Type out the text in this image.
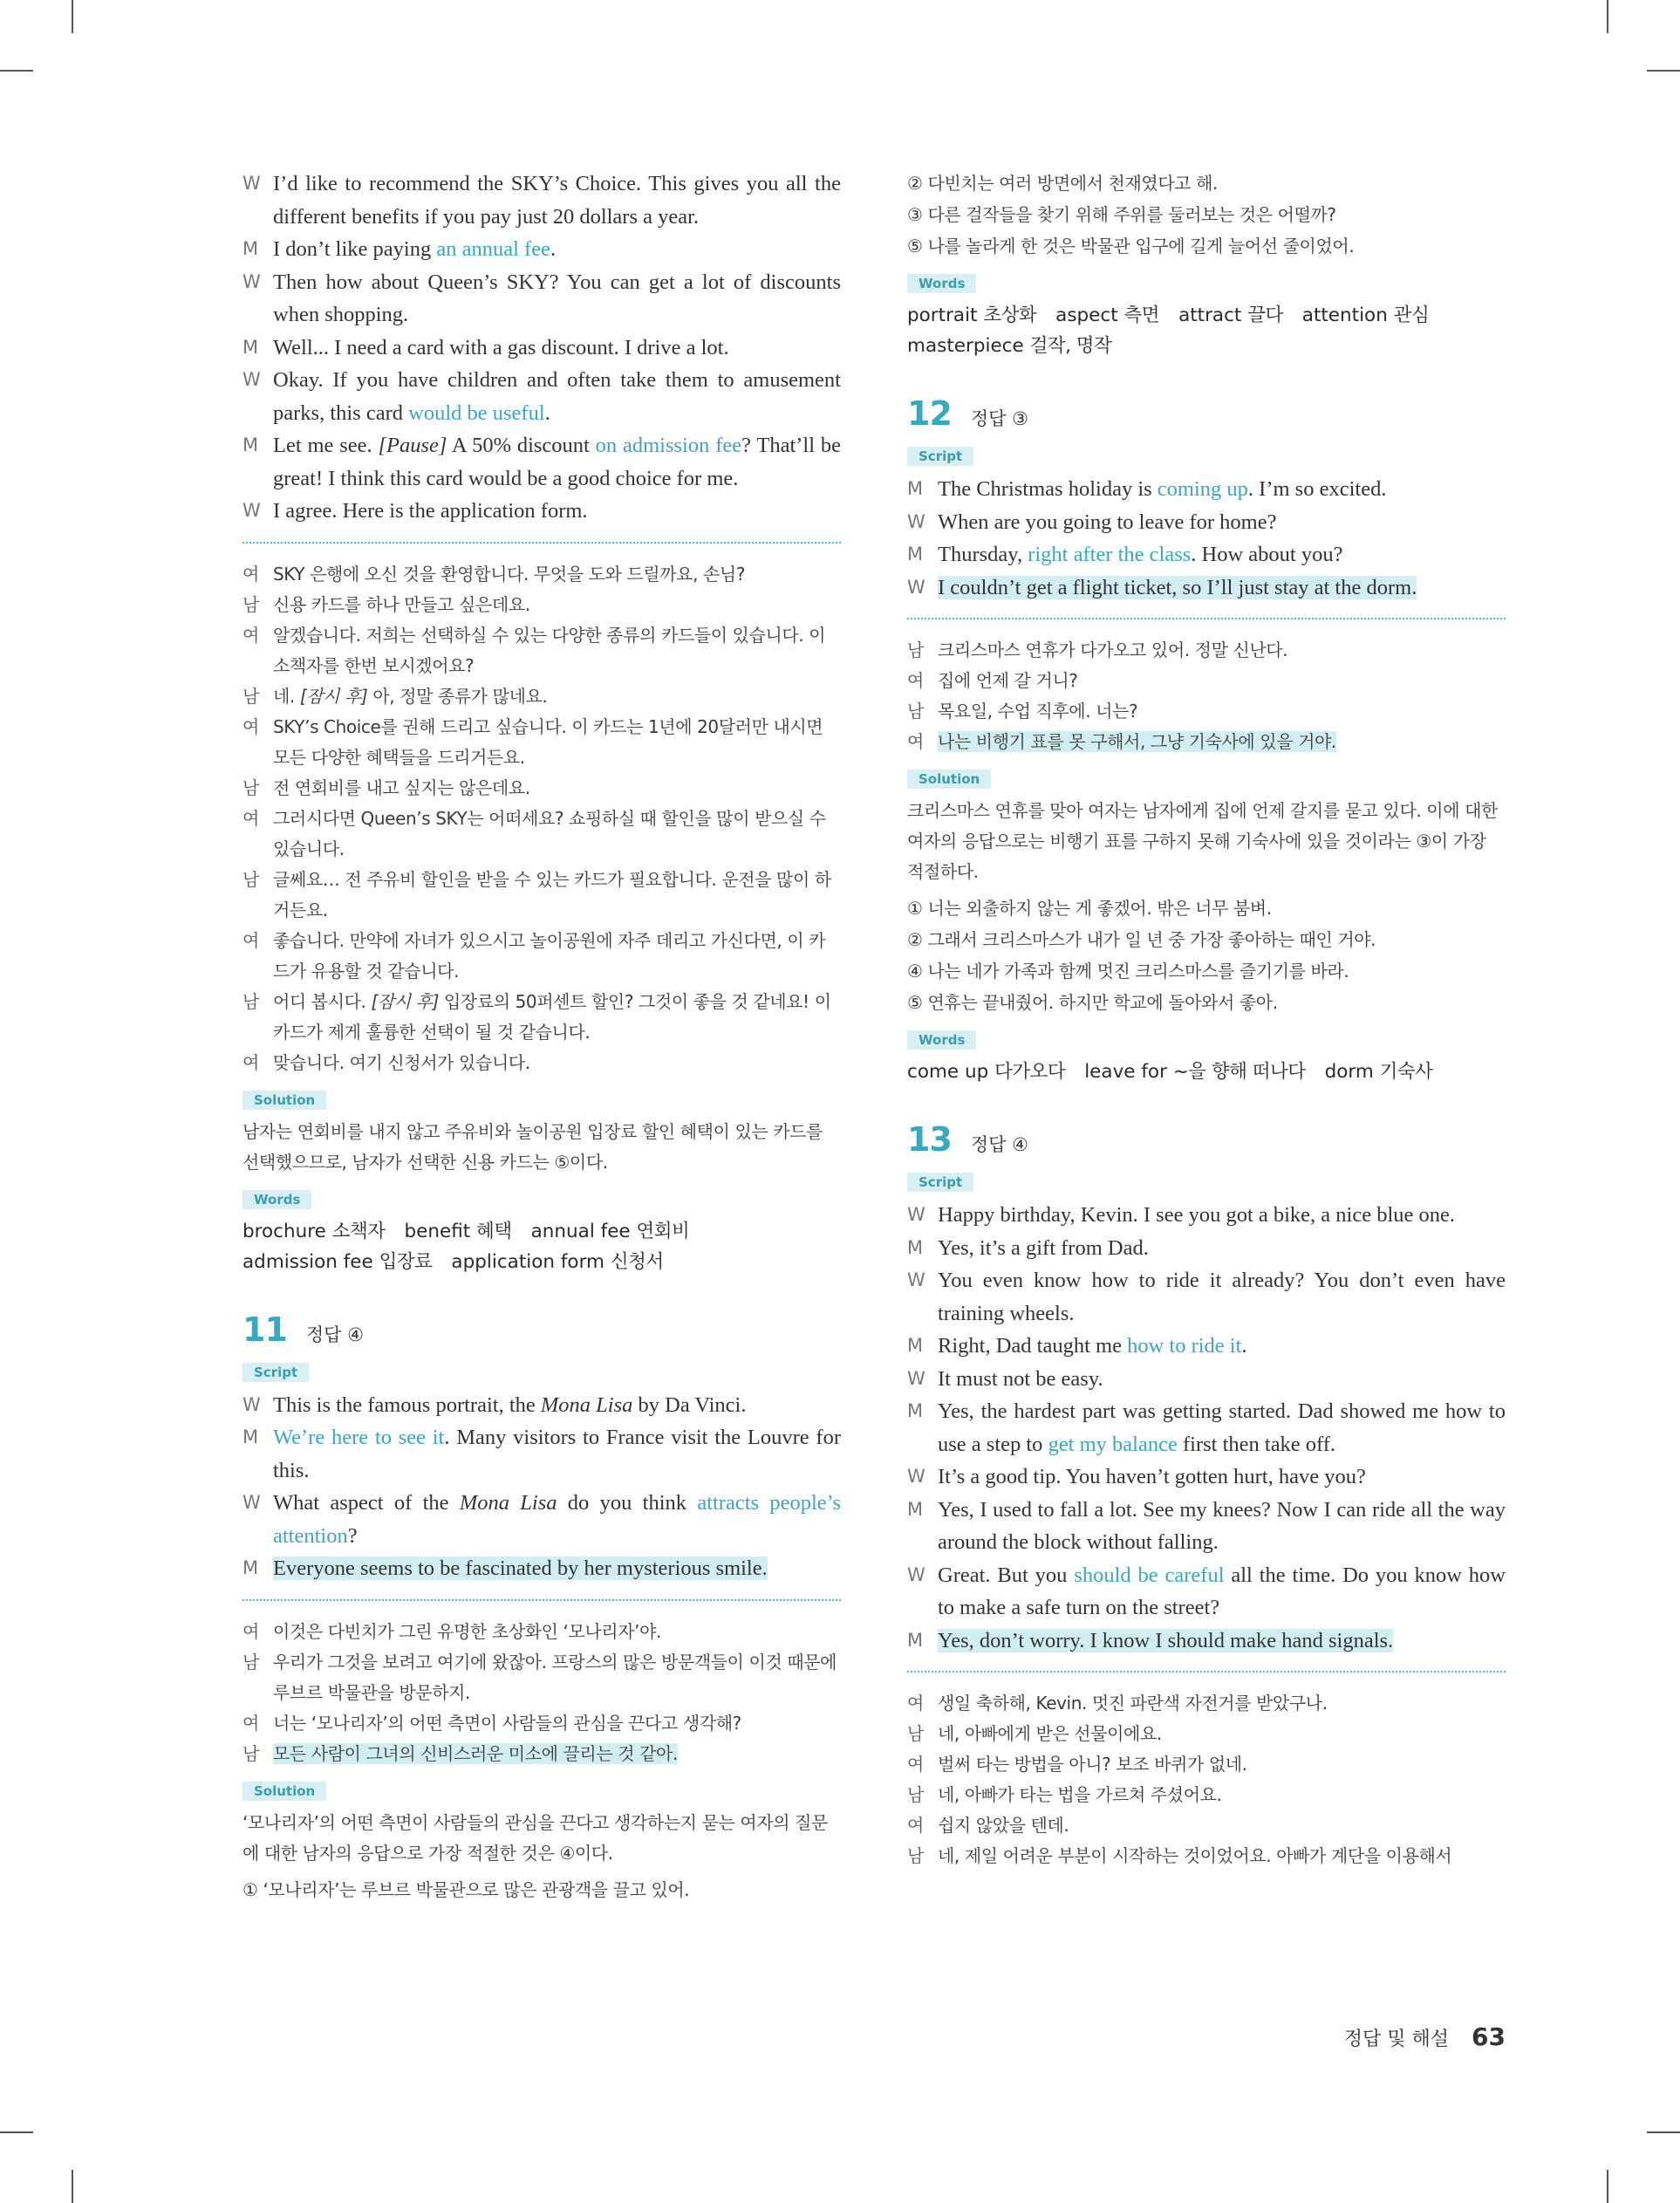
W I’d like to recommend the SKY’s Choice. This gives you all the different benefits if you pay just 20 dollars a year.
M I don’t like paying an annual fee.
W Then how about Queen’s SKY? You can get a lot of discounts when shopping.
M Well... I need a card with a gas discount. I drive a lot.
W Okay. If you have children and often take them to amusement parks, this card would be useful.
M Let me see. [Pause] A 50% discount on admission fee? That’ll be great! I think this card would be a good choice for me.
W I agree. Here is the application form.
여 SKY 은행에 오신 것을 환영합니다. 무엇을 도와 드릴까요, 손님?
남 신용 카드를 하나 만들고 싶은데요.
여 알겠습니다. 저희는 선택하실 수 있는 다양한 종류의 카드들이 있습니다. 이 소책자를 한번 보시겠어요?
남 네. [잠시 후] 아, 정말 종류가 많네요.
여 SKY’s Choice를 권해 드리고 싶습니다. 이 카드는 1년에 20달러만 내시면 모든 다양한 혜택들을 드리거든요.
남 전 연회비를 내고 싶지는 않은데요.
여 그러시다면 Queen’s SKY는 어떠세요? 쇼핑하실 때 할인을 많이 받으실 수 있습니다.
남 글쎄요… 전 주유비 할인을 받을 수 있는 카드가 필요합니다. 운전을 많이 하거든요.
여 좋습니다. 만약에 자녀가 있으시고 놀이공원에 자주 데리고 가신다면, 이 카드가 유용할 것 같습니다.
남 어디 봅시다. [잠시 후] 입장료의 50퍼센트 할인? 그것이 좋을 것 같네요! 이 카드가 제게 훌륭한 선택이 될 것 같습니다.
여 맞습니다. 여기 신청서가 있습니다.
Solution
남자는 연회비를 내지 않고 주유비와 놀이공원 입장료 할인 혜택이 있는 카드를 선택했으므로, 남자가 선택한 신용 카드는 ⑤이다.
Words
brochure 소책자 benefit 혜택 annual fee 연회비
admission fee 입장료 application form 신청서
11 정답 ④
Script
W This is the famous portrait, the Mona Lisa by Da Vinci.
M We’re here to see it. Many visitors to France visit the Louvre for this.
W What aspect of the Mona Lisa do you think attracts people’s attention?
M Everyone seems to be fascinated by her mysterious smile.
여 이것은 다빈치가 그린 유명한 초상화인 ‘모나리자’야.
남 우리가 그것을 보려고 여기에 왔잖아. 프랑스의 많은 방문객들이 이것 때문에 루브르 박물관을 방문하지.
여 너는 ‘모나리자’의 어떤 측면이 사람들의 관심을 끈다고 생각해?
남 모든 사람이 그녀의 신비스러운 미소에 끌리는 것 같아.
Solution
‘모나리자’의 어떤 측면이 사람들의 관심을 끈다고 생각하는지 묻는 여자의 질문에 대한 남자의 응답으로 가장 적절한 것은 ④이다.
① ‘모나리자’는 루브르 박물관으로 많은 관광객을 끌고 있어.
② 다빈치는 여러 방면에서 천재였다고 해.
③ 다른 걸작들을 찾기 위해 주위를 둘러보는 것은 어떨까?
⑤ 나를 놀라게 한 것은 박물관 입구에 길게 늘어선 줄이었어.
Words
portrait 초상화 aspect 측면 attract 끌다 attention 관심
masterpiece 걸작, 명작
12 정답 ③
Script
M The Christmas holiday is coming up. I’m so excited.
W When are you going to leave for home?
M Thursday, right after the class. How about you?
W I couldn’t get a flight ticket, so I’ll just stay at the dorm.
남 크리스마스 연휴가 다가오고 있어. 정말 신난다.
여 집에 언제 갈 거니?
남 목요일, 수업 직후에. 너는?
여 나는 비행기 표를 못 구해서, 그냥 기숙사에 있을 거야.
Solution
크리스마스 연휴를 맞아 여자는 남자에게 집에 언제 갈지를 묻고 있다. 이에 대한 여자의 응답으로는 비행기 표를 구하지 못해 기숙사에 있을 것이라는 ③이 가장 적절하다.
① 너는 외출하지 않는 게 좋겠어. 밖은 너무 붐벼.
② 그래서 크리스마스가 내가 일 년 중 가장 좋아하는 때인 거야.
④ 나는 네가 가족과 함께 멋진 크리스마스를 즐기기를 바라.
⑤ 연휴는 끝내줬어. 하지만 학교에 돌아와서 좋아.
Words
come up 다가오다 leave for ~을 향해 떠나다 dorm 기숙사
13 정답 ④
Script
W Happy birthday, Kevin. I see you got a bike, a nice blue one.
M Yes, it’s a gift from Dad.
W You even know how to ride it already? You don’t even have training wheels.
M Right, Dad taught me how to ride it.
W It must not be easy.
M Yes, the hardest part was getting started. Dad showed me how to use a step to get my balance first then take off.
W It’s a good tip. You haven’t gotten hurt, have you?
M Yes, I used to fall a lot. See my knees? Now I can ride all the way around the block without falling.
W Great. But you should be careful all the time. Do you know how to make a safe turn on the street?
M Yes, don’t worry. I know I should make hand signals.
여 생일 축하해, Kevin. 멋진 파란색 자전거를 받았구나.
남 네, 아빠에게 받은 선물이에요.
여 벌써 타는 방법을 아니? 보조 바퀴가 없네.
남 네, 아빠가 타는 법을 가르쳐 주셨어요.
여 쉽지 않았을 텐데.
남 네, 제일 어려운 부분이 시작하는 것이었어요. 아빠가 계단을 이용해서
정답 및 해설 63
